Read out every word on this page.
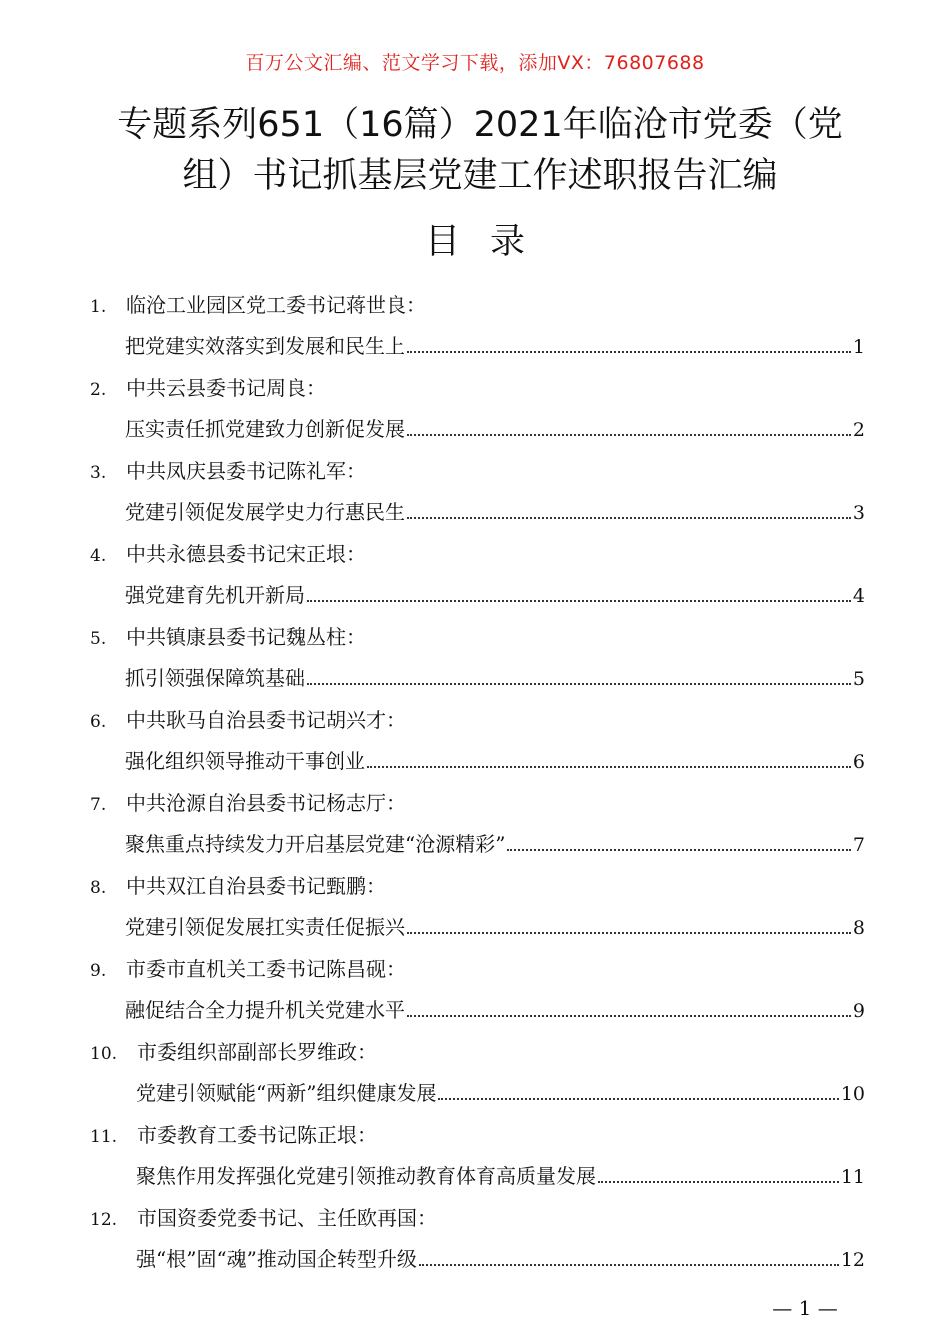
百万公文汇编、范文学习下载，添加VX：76807688
专题系列651（16篇）2021年临沧市党委（党
组）书记抓基层党建工作述职报告汇编
目录
1. 临沧工业园区党工委书记蒋世良：
把党建实效落实到发展和民生上	1
2. 中共云县委书记周良：
压实责任抓党建致力创新促发展	2
3. 中共凤庆县委书记陈礼军：
党建引领促发展学史力行惠民生	3
4. 中共永德县委书记宋正垠：
强党建育先机开新局	4
5. 中共镇康县委书记魏丛柱：
抓引领强保障筑基础	5
6. 中共耿马自治县委书记胡兴才：
强化组织领导推动干事创业	6
7. 中共沧源自治县委书记杨志厅：
聚焦重点持续发力开启基层党建“沧源精彩”	7
8. 中共双江自治县委书记甄鹏：
党建引领促发展扛实责任促振兴	8
9. 市委市直机关工委书记陈昌砚：
融促结合全力提升机关党建水平	9
10. 市委组织部副部长罗维政：
党建引领赋能“两新”组织健康发展	10
11. 市委教育工委书记陈正垠：
聚焦作用发挥强化党建引领推动教育体育高质量发展	11
12. 市国资委党委书记、主任欧再国：
强“根”固“魂”推动国企转型升级	12
— 1 —
